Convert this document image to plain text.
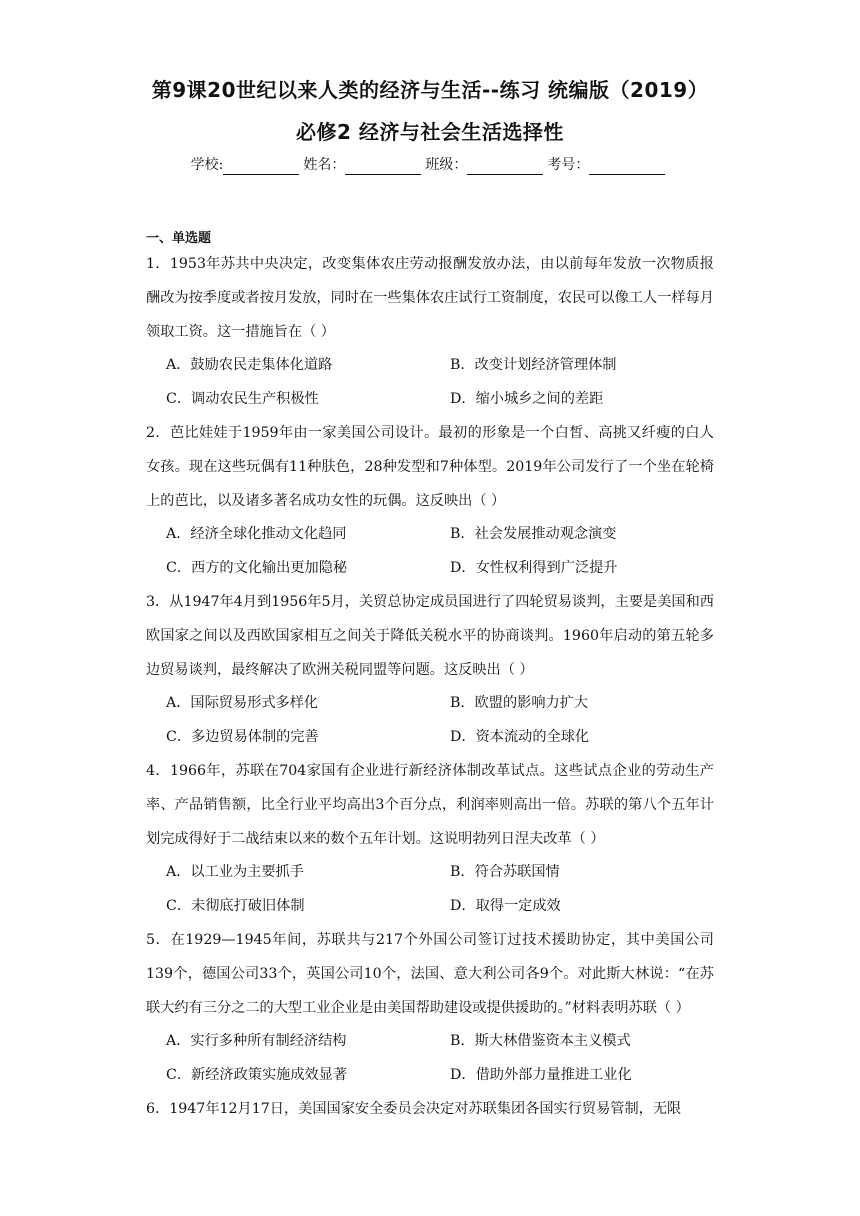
第9课20世纪以来人类的经济与生活--练习 统编版（2019）
必修2 经济与社会生活选择性
学校:	姓名：	班级：	考号：
一、单选题
1．1953年苏共中央决定，改变集体农庄劳动报酬发放办法，由以前每年发放一次物质报酬改为按季度或者按月发放，同时在一些集体农庄试行工资制度，农民可以像工人一样每月领取工资。这一措施旨在（ ）
A．鼓励农民走集体化道路	B．改变计划经济管理体制
C．调动农民生产积极性	D．缩小城乡之间的差距
2．芭比娃娃于1959年由一家美国公司设计。最初的形象是一个白皙、高挑又纤瘦的白人女孩。现在这些玩偶有11种肤色，28种发型和7种体型。2019年公司发行了一个坐在轮椅上的芭比，以及诸多著名成功女性的玩偶。这反映出（ ）
A．经济全球化推动文化趋同	B．社会发展推动观念演变
C．西方的文化输出更加隐秘	D．女性权利得到广泛提升
3．从1947年4月到1956年5月，关贸总协定成员国进行了四轮贸易谈判，主要是美国和西欧国家之间以及西欧国家相互之间关于降低关税水平的协商谈判。1960年启动的第五轮多边贸易谈判，最终解决了欧洲关税同盟等问题。这反映出（ ）
A．国际贸易形式多样化	B．欧盟的影响力扩大
C．多边贸易体制的完善	D．资本流动的全球化
4．1966年，苏联在704家国有企业进行新经济体制改革试点。这些试点企业的劳动生产率、产品销售额，比全行业平均高出3个百分点，利润率则高出一倍。苏联的第八个五年计划完成得好于二战结束以来的数个五年计划。这说明勃列日涅夫改革（ ）
A．以工业为主要抓手	B．符合苏联国情
C．未彻底打破旧体制	D．取得一定成效
5．在1929—1945年间，苏联共与217个外国公司签订过技术援助协定，其中美国公司139个，德国公司33个，英国公司10个，法国、意大利公司各9个。对此斯大林说：“在苏联大约有三分之二的大型工业企业是由美国帮助建设或提供援助的。”材料表明苏联（ ）
A．实行多种所有制经济结构	B．斯大林借鉴资本主义模式
C．新经济政策实施成效显著	D．借助外部力量推进工业化
6．1947年12月17日，美国国家安全委员会决定对苏联集团各国实行贸易管制，无限
